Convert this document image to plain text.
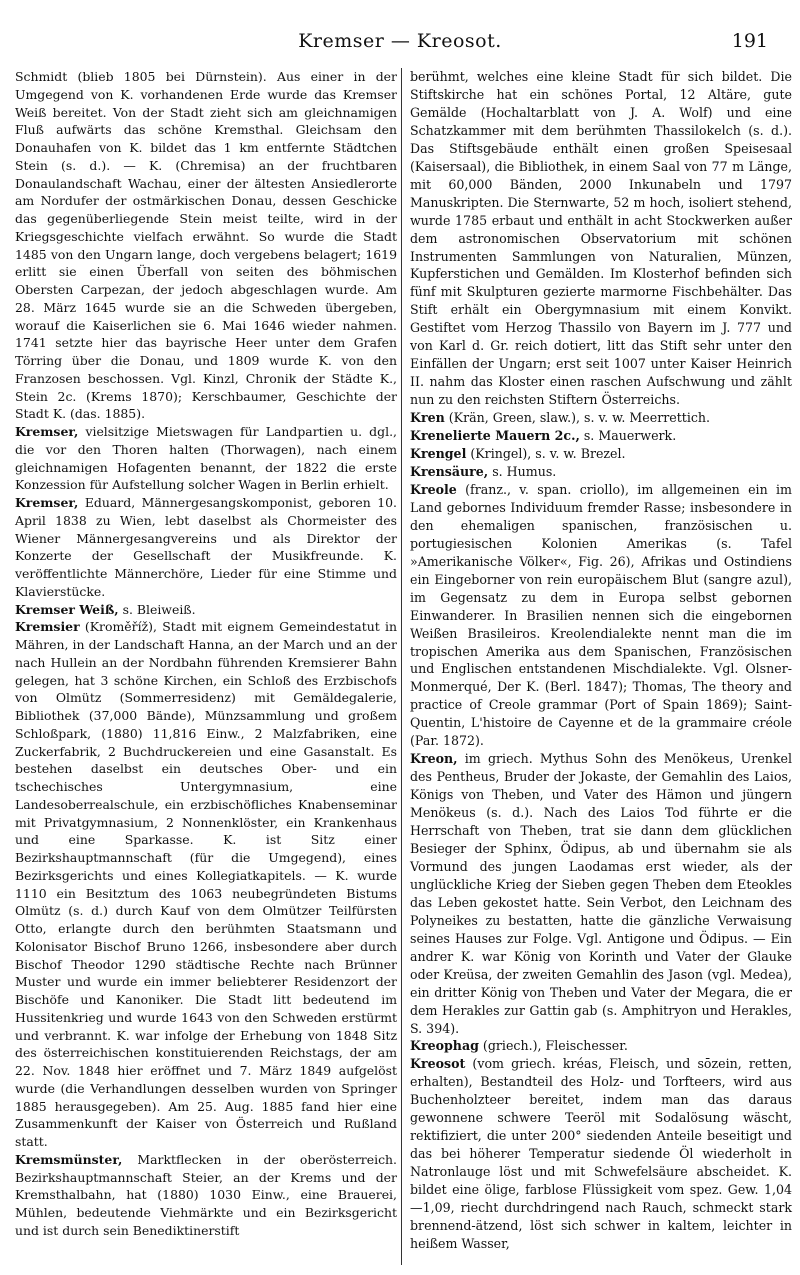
Kremser — Kreosot.	191

Schmidt (blieb 1805 bei Dürnstein). Aus einer in der Umgegend von K. vorhandenen Erde wurde das Kremser Weiß bereitet. Von der Stadt zieht sich am gleichnamigen Fluß aufwärts das schöne Kremsthal. Gleichsam den Donauhafen von K. bildet das 1 km entfernte Städtchen Stein (s. d.). — K. (Chremisa) an der fruchtbaren Donaulandschaft Wachau, einer der ältesten Ansiedlerorte am Nordufer der ostmärkischen Donau, dessen Geschicke das gegenüberliegende Stein meist teilte, wird in der Kriegsgeschichte vielfach erwähnt. So wurde die Stadt 1485 von den Ungarn lange, doch vergebens belagert; 1619 erlitt sie einen Überfall von seiten des böhmischen Obersten Carpezan, der jedoch abgeschlagen wurde. Am 28. März 1645 wurde sie an die Schweden übergeben, worauf die Kaiserlichen sie 6. Mai 1646 wieder nahmen. 1741 setzte hier das bayrische Heer unter dem Grafen Törring über die Donau, und 1809 wurde K. von den Franzosen beschossen. Vgl. Kinzl, Chronik der Städte K., Stein 2c. (Krems 1870); Kerschbaumer, Geschichte der Stadt K. (das. 1885).

Kremser, vielsitzige Mietswagen für Landpartien u. dgl., die vor den Thoren halten (Thorwagen), nach einem gleichnamigen Hofagenten benannt, der 1822 die erste Konzession für Aufstellung solcher Wagen in Berlin erhielt.

Kremser, Eduard, Männergesangskomponist, geboren 10. April 1838 zu Wien, lebt daselbst als Chormeister des Wiener Männergesangvereins und als Direktor der Konzerte der Gesellschaft der Musikfreunde. K. veröffentlichte Männerchöre, Lieder für eine Stimme und Klavierstücke.

Kremser Weiß, s. Bleiweiß.

Kremsier (Kroměříž), Stadt mit eignem Gemeindestatut in Mähren, in der Landschaft Hanna, an der March und an der nach Hullein an der Nordbahn führenden Kremsierer Bahn gelegen, hat 3 schöne Kirchen, ein Schloß des Erzbischofs von Olmütz (Sommerresidenz) mit Gemäldegalerie, Bibliothek (37,000 Bände), Münzsammlung und großem Schloßpark, (1880) 11,816 Einw., 2 Malzfabriken, eine Zuckerfabrik, 2 Buchdruckereien und eine Gasanstalt. Es bestehen daselbst ein deutsches Ober- und ein tschechisches Untergymnasium, eine Landesoberrealschule, ein erzbischöfliches Knabenseminar mit Privatgymnasium, 2 Nonnenklöster, ein Krankenhaus und eine Sparkasse. K. ist Sitz einer Bezirkshauptmannschaft (für die Umgegend), eines Bezirksgerichts und eines Kollegiatkapitels. — K. wurde 1110 ein Besitztum des 1063 neubegründeten Bistums Olmütz (s. d.) durch Kauf von dem Olmützer Teilfürsten Otto, erlangte durch den berühmten Staatsmann und Kolonisator Bischof Bruno 1266, insbesondere aber durch Bischof Theodor 1290 städtische Rechte nach Brünner Muster und wurde ein immer beliebterer Residenzort der Bischöfe und Kanoniker. Die Stadt litt bedeutend im Hussitenkrieg und wurde 1643 von den Schweden erstürmt und verbrannt. K. war infolge der Erhebung von 1848 Sitz des österreichischen konstituierenden Reichstags, der am 22. Nov. 1848 hier eröffnet und 7. März 1849 aufgelöst wurde (die Verhandlungen desselben wurden von Springer 1885 herausgegeben). Am 25. Aug. 1885 fand hier eine Zusammenkunft der Kaiser von Österreich und Rußland statt.

Kremsmünster, Marktflecken in der oberösterreich. Bezirkshauptmannschaft Steier, an der Krems und der Kremsthalbahn, hat (1880) 1030 Einw., eine Brauerei, Mühlen, bedeutende Viehmärkte und ein Bezirksgericht und ist durch sein Benediktinerstift

berühmt, welches eine kleine Stadt für sich bildet. Die Stiftskirche hat ein schönes Portal, 12 Altäre, gute Gemälde (Hochaltarblatt von J. A. Wolf) und eine Schatzkammer mit dem berühmten Thassilokelch (s. d.). Das Stiftsgebäude enthält einen großen Speisesaal (Kaisersaal), die Bibliothek, in einem Saal von 77 m Länge, mit 60,000 Bänden, 2000 Inkunabeln und 1797 Manuskripten. Die Sternwarte, 52 m hoch, isoliert stehend, wurde 1785 erbaut und enthält in acht Stockwerken außer dem astronomischen Observatorium mit schönen Instrumenten Sammlungen von Naturalien, Münzen, Kupferstichen und Gemälden. Im Klosterhof befinden sich fünf mit Skulpturen gezierte marmorne Fischbehälter. Das Stift erhält ein Obergymnasium mit einem Konvikt. Gestiftet vom Herzog Thassilo von Bayern im J. 777 und von Karl d. Gr. reich dotiert, litt das Stift sehr unter den Einfällen der Ungarn; erst seit 1007 unter Kaiser Heinrich II. nahm das Kloster einen raschen Aufschwung und zählt nun zu den reichsten Stiftern Österreichs.

Kren (Krän, Green, slaw.), s. v. w. Meerrettich.

Krenelierte Mauern 2c., s. Mauerwerk.

Krengel (Kringel), s. v. w. Brezel.

Krensäure, s. Humus.

Kreole (franz., v. span. criollo), im allgemeinen ein im Land gebornes Individuum fremder Rasse; insbesondere in den ehemaligen spanischen, französischen u. portugiesischen Kolonien Amerikas (s. Tafel »Amerikanische Völker«, Fig. 26), Afrikas und Ostindiens ein Eingeborner von rein europäischem Blut (sangre azul), im Gegensatz zu dem in Europa selbst gebornen Einwanderer. In Brasilien nennen sich die eingebornen Weißen Brasileiros. Kreolendialekte nennt man die im tropischen Amerika aus dem Spanischen, Französischen und Englischen entstandenen Mischdialekte. Vgl. Olsner-Monmerqué, Der K. (Berl. 1847); Thomas, The theory and practice of Creole grammar (Port of Spain 1869); Saint-Quentin, L'histoire de Cayenne et de la grammaire créole (Par. 1872).

Kreon, im griech. Mythus Sohn des Menökeus, Urenkel des Pentheus, Bruder der Jokaste, der Gemahlin des Laios, Königs von Theben, und Vater des Hämon und jüngern Menökeus (s. d.). Nach des Laios Tod führte er die Herrschaft von Theben, trat sie dann dem glücklichen Besieger der Sphinx, Ödipus, ab und übernahm sie als Vormund des jungen Laodamas erst wieder, als der unglückliche Krieg der Sieben gegen Theben dem Eteokles das Leben gekostet hatte. Sein Verbot, den Leichnam des Polyneikes zu bestatten, hatte die gänzliche Verwaisung seines Hauses zur Folge. Vgl. Antigone und Ödipus. — Ein andrer K. war König von Korinth und Vater der Glauke oder Kreüsa, der zweiten Gemahlin des Jason (vgl. Medea), ein dritter König von Theben und Vater der Megara, die er dem Herakles zur Gattin gab (s. Amphitryon und Herakles, S. 394).

Kreophag (griech.), Fleischesser.

Kreosot (vom griech. kréas, Fleisch, und sōzein, retten, erhalten), Bestandteil des Holz- und Torfteers, wird aus Buchenholzteer bereitet, indem man das daraus gewonnene schwere Teeröl mit Sodalösung wäscht, rektifiziert, die unter 200° siedenden Anteile beseitigt und das bei höherer Temperatur siedende Öl wiederholt in Natronlauge löst und mit Schwefelsäure abscheidet. K. bildet eine ölige, farblose Flüssigkeit vom spez. Gew. 1,04—1,09, riecht durchdringend nach Rauch, schmeckt stark brennend-ätzend, löst sich schwer in kaltem, leichter in heißem Wasser,
